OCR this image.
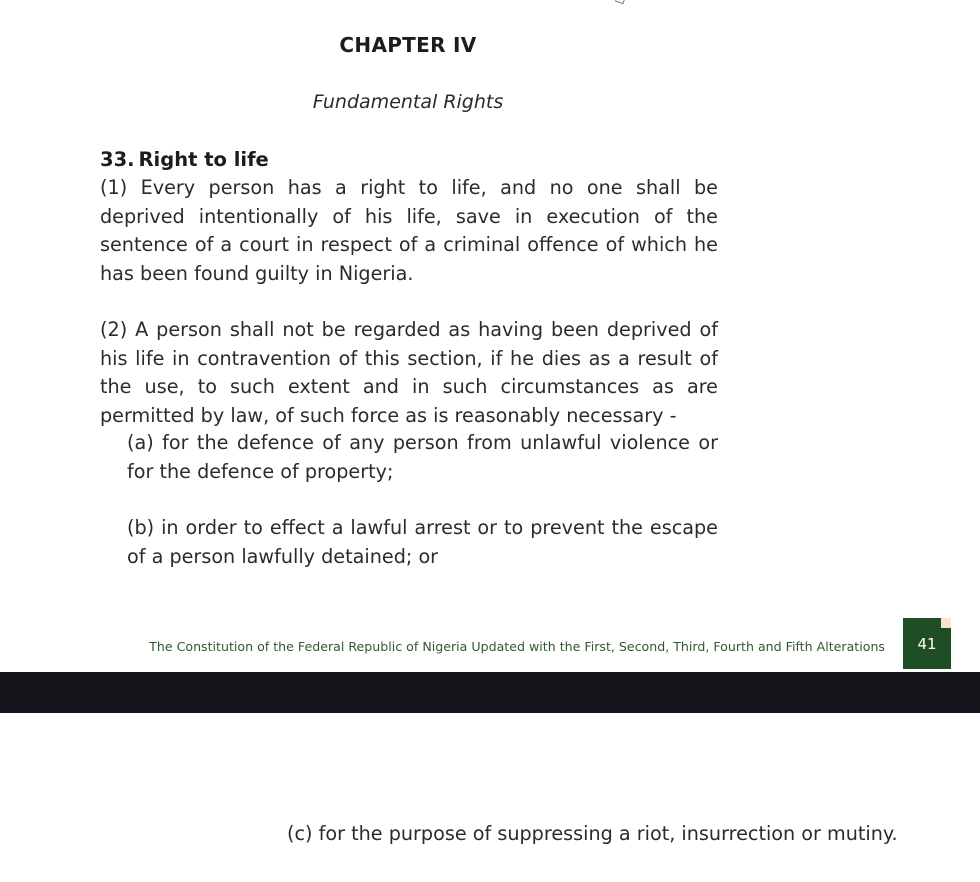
CHAPTER IV
Fundamental Rights
33. Right to life
(1) Every person has a right to life, and no one shall be deprived intentionally of his life, save in execution of the sentence of a court in respect of a criminal offence of which he has been found guilty in Nigeria.
(2) A person shall not be regarded as having been deprived of his life in contravention of this section, if he dies as a result of the use, to such extent and in such circumstances as are permitted by law, of such force as is reasonably necessary -
(a) for the defence of any person from unlawful violence or for the defence of property;
(b) in order to effect a lawful arrest or to prevent the escape of a person lawfully detained; or
The Constitution of the Federal Republic of Nigeria Updated with the First, Second, Third, Fourth and Fifth Alterations 41
(c) for the purpose of suppressing a riot, insurrection or mutiny.
